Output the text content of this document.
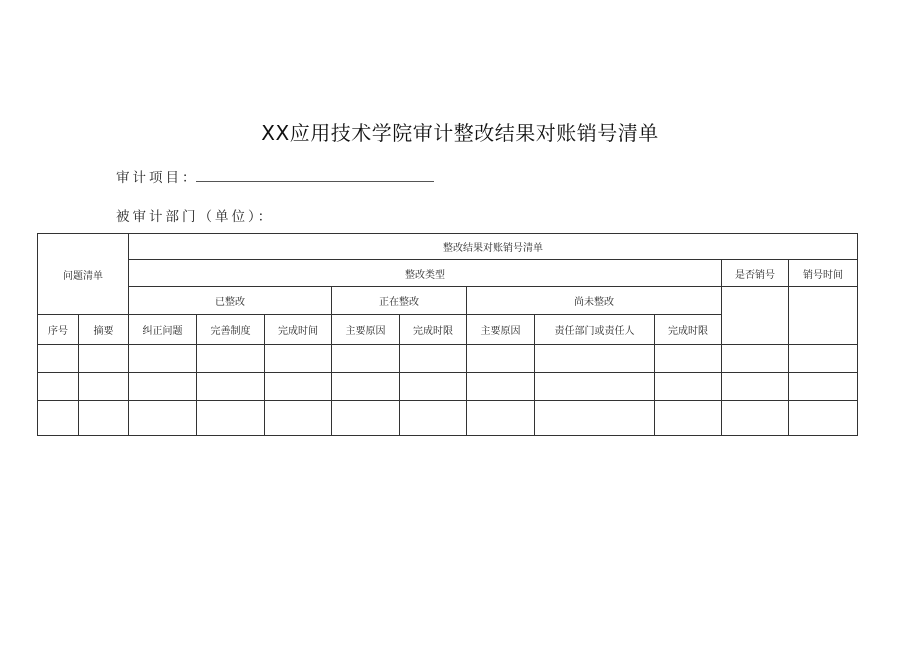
XX应用技术学院审计整改结果对账销号清单
审计项目：
被审计部门（单位）：
问题清单		整改结果对账销号清单									
		整改类型								是否销号	销号时间
		已整改			正在整改		尚未整改				
序号	摘要	纠正问题	完善制度	完成时间	主要原因	完成时限	主要原因	责任部门或责任人	完成时限		
